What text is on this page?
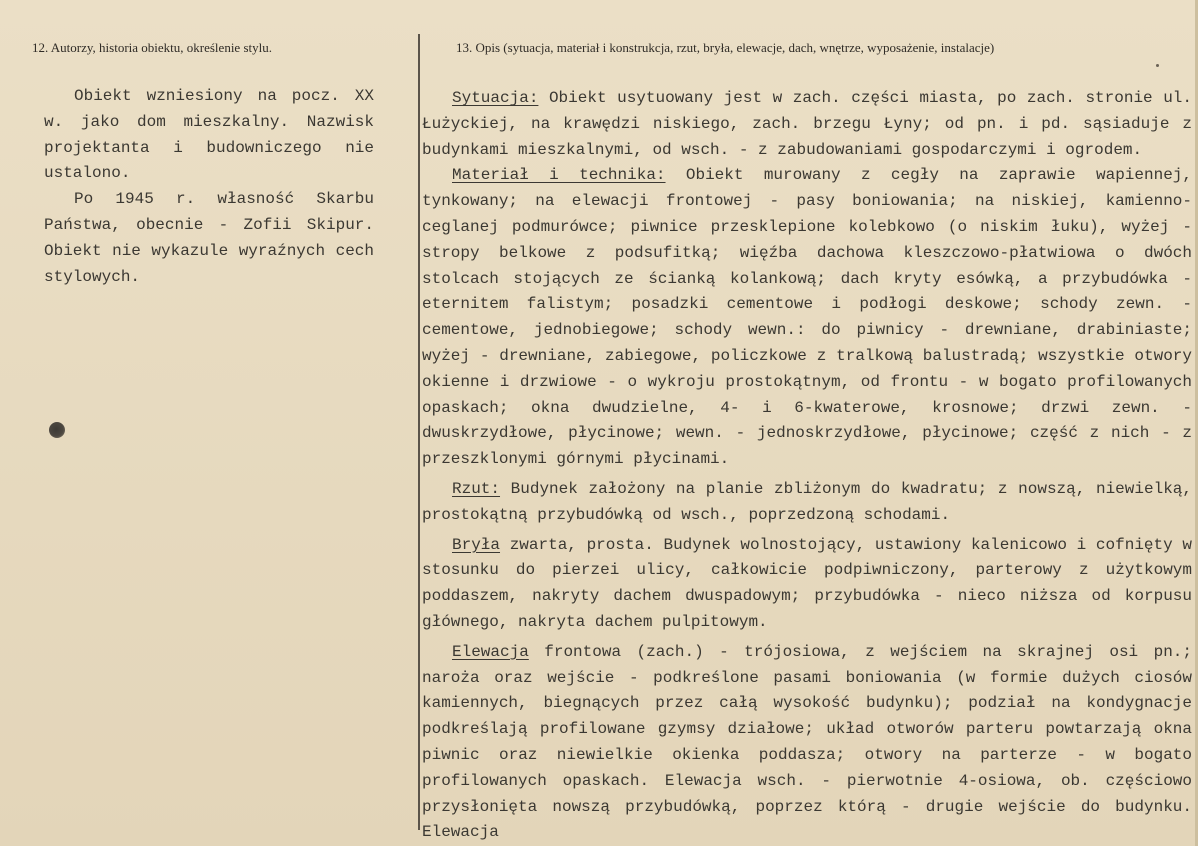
12. Autorzy, historia obiektu, określenie stylu.	13. Opis (sytuacja, materiał i konstrukcja, rzut, bryła, elewacje, dach, wnętrze, wyposażenie, instalacje)

Obiekt wzniesiony na pocz. XX w. jako dom mieszkalny. Nazwisk projektanta i budowniczego nie ustalono.

Po 1945 r. własność Skarbu Państwa, obecnie - Zofii Skipur. Obiekt nie wykazule wyraźnych cech stylowych.

Sytuacja: Obiekt usytuowany jest w zach. części miasta, po zach. stronie ul. Łużyckiej, na krawędzi niskiego, zach. brzegu Łyny; od pn. i pd. sąsiaduje z budynkami mieszkalnymi, od wsch. - z zabudowaniami gospodarczymi i ogrodem.

Materiał i technika: Obiekt murowany z cegły na zaprawie wapiennej, tynkowany; na elewacji frontowej - pasy boniowania; na niskiej, kamienno-ceglanej podmurówce; piwnice przesklepione kolebkowo (o niskim łuku), wyżej - stropy belkowe z podsufitką; więźba dachowa kleszczowo-płatwiowa o dwóch stolcach stojących ze ścianką kolankową; dach kryty esówką, a przybudówka - eternitem falistym; posadzki cementowe i podłogi deskowe; schody zewn. - cementowe, jednobiegowe; schody wewn.: do piwnicy - drewniane, drabiniaste; wyżej - drewniane, zabiegowe, policzkowe z tralkową balustradą; wszystkie otwory okienne i drzwiowe - o wykroju prostokątnym, od frontu - w bogato profilowanych opaskach; okna dwudzielne, 4- i 6-kwaterowe, krosnowe; drzwi zewn. - dwuskrzydłowe, płycinowe; wewn. - jednoskrzydłowe, płycinowe; część z nich - z przeszklonymi górnymi płycinami.

Rzut: Budynek założony na planie zbliżonym do kwadratu; z nowszą, niewielką, prostokątną przybudówką od wsch., poprzedzoną schodami.

Bryła zwarta, prosta. Budynek wolnostojący, ustawiony kalenicowo i cofnięty w stosunku do pierzei ulicy, całkowicie podpiwniczony, parterowy z użytkowym poddaszem, nakryty dachem dwuspadowym; przybudówka - nieco niższa od korpusu głównego, nakryta dachem pulpitowym.

Elewacja frontowa (zach.) - trójosiowa, z wejściem na skrajnej osi pn.; naroża oraz wejście - podkreślone pasami boniowania (w formie dużych ciosów kamiennych, biegnących przez całą wysokość budynku); podział na kondygnacje podkreślają profilowane gzymsy działowe; układ otworów parteru powtarzają okna piwnic oraz niewielkie okienka poddasza; otwory na parterze - w bogato profilowanych opaskach. Elewacja wsch. - pierwotnie 4-osiowa, ob. częściowo przysłonięta nowszą przybudówką, poprzez którą - drugie wejście do budynku. Elewacja
